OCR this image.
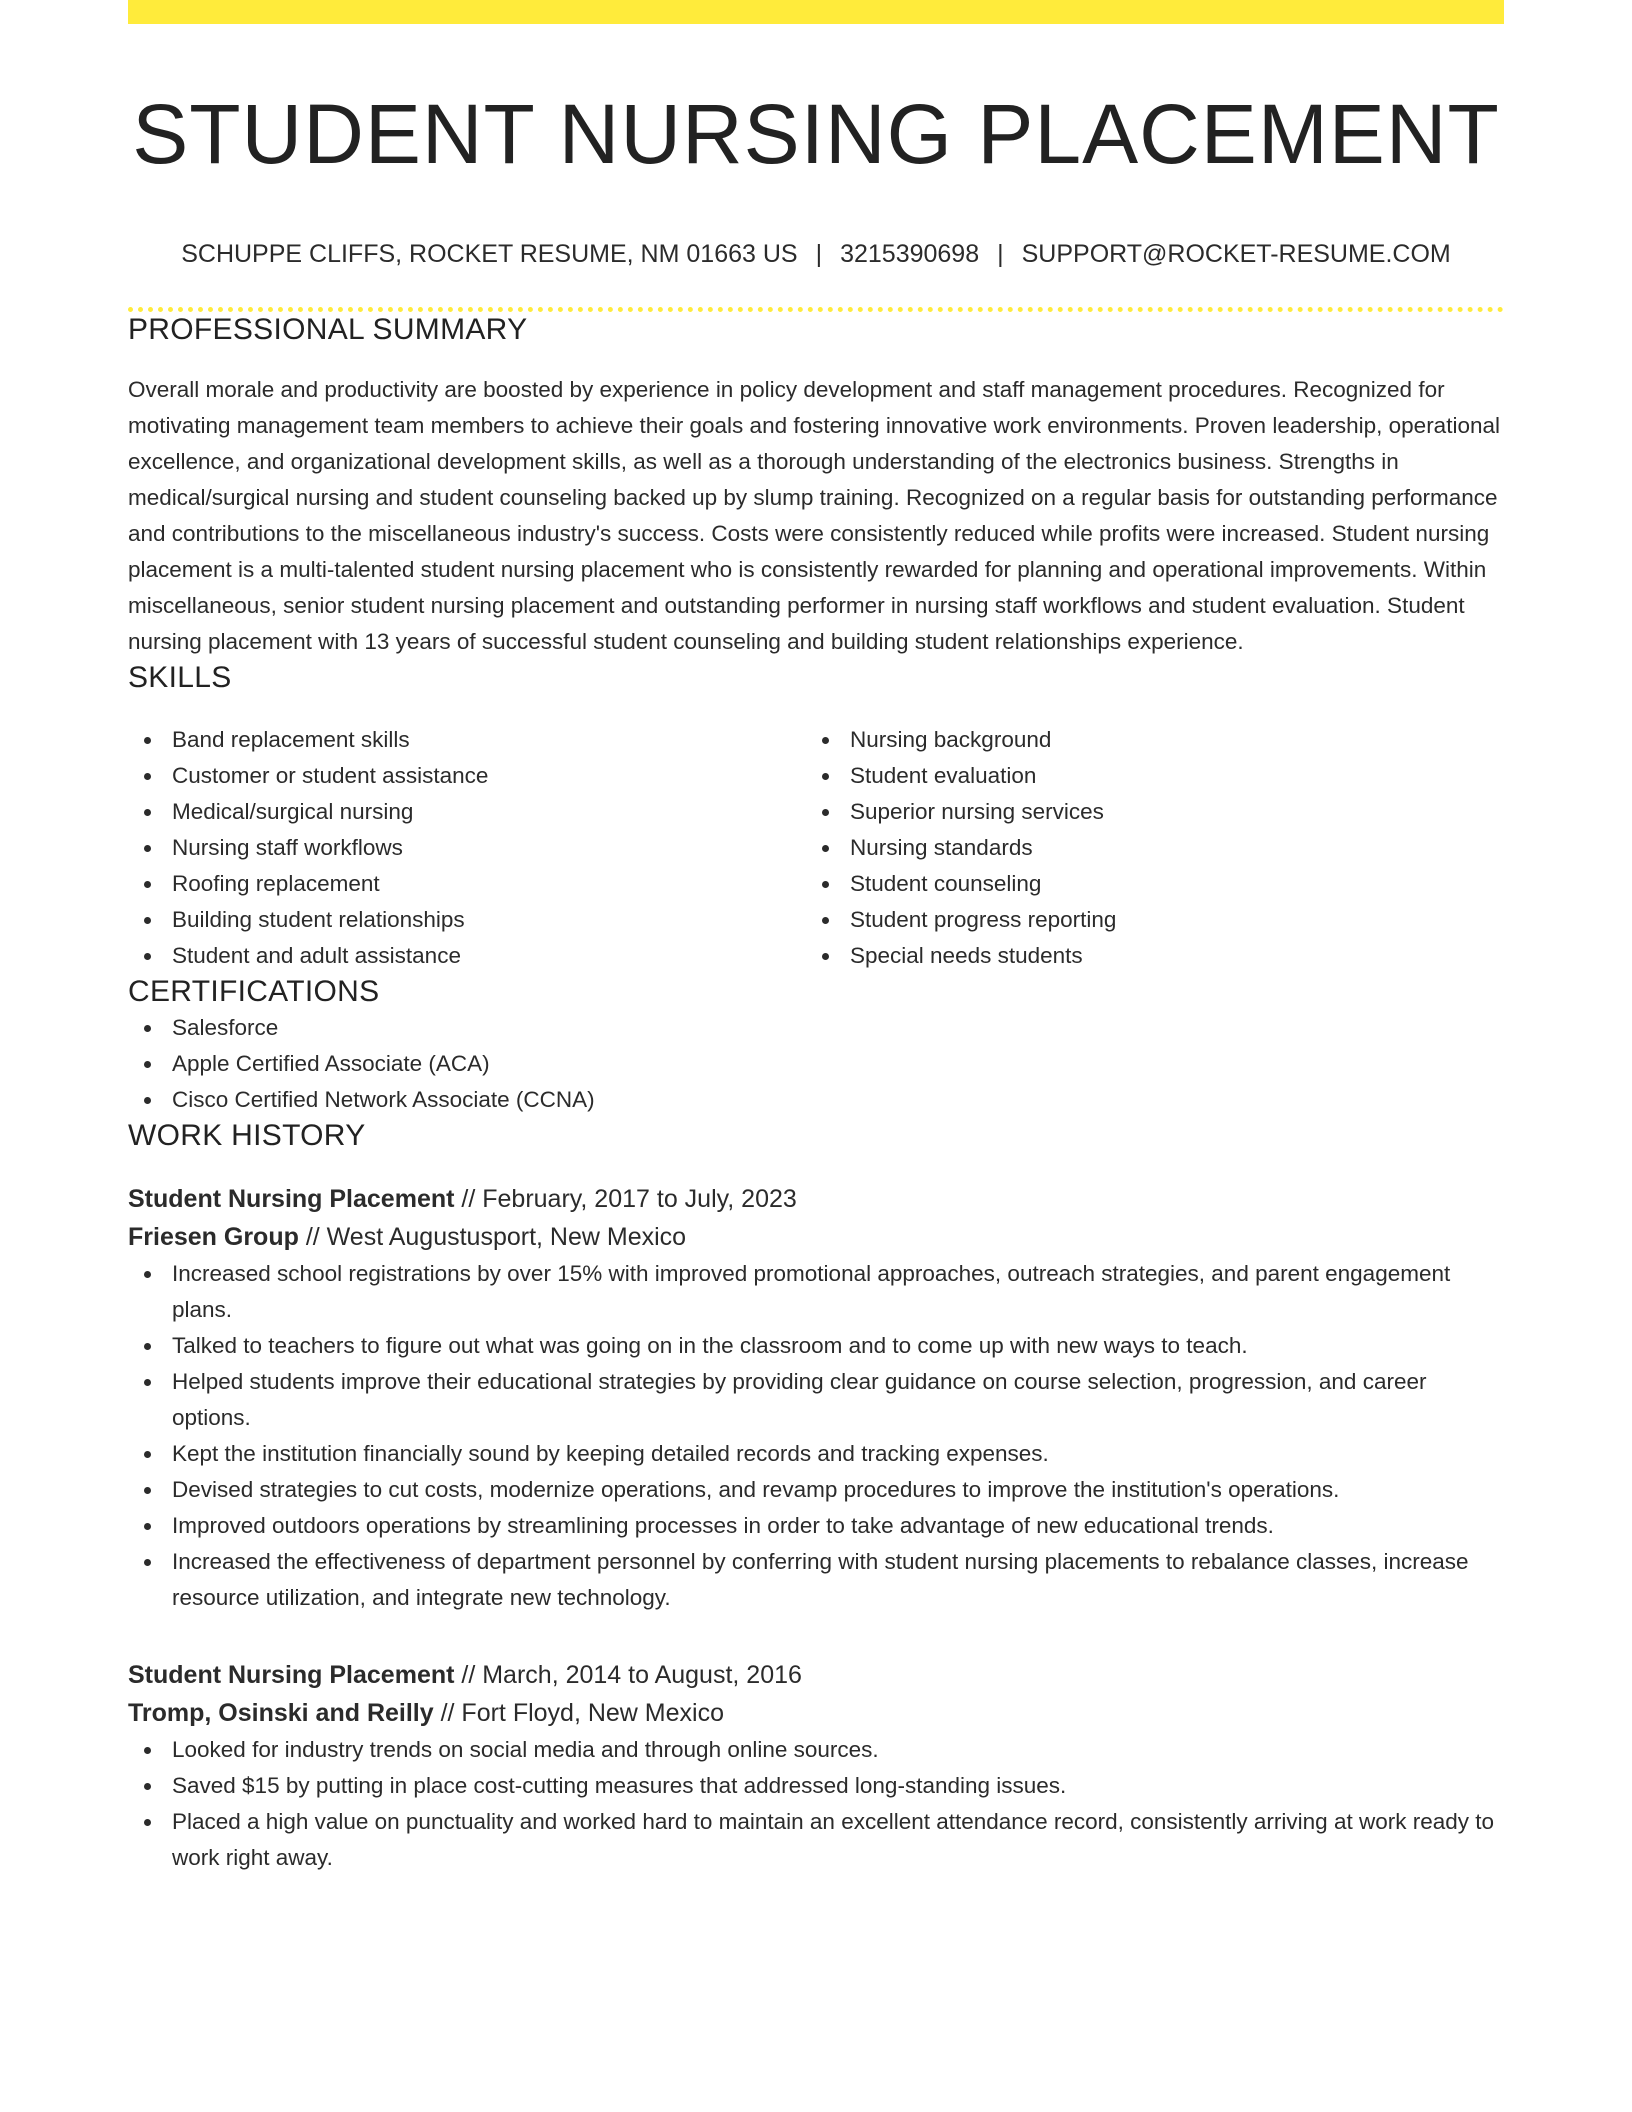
STUDENT NURSING PLACEMENT
SCHUPPE CLIFFS, ROCKET RESUME, NM 01663 US | 3215390698 | SUPPORT@ROCKET-RESUME.COM
PROFESSIONAL SUMMARY

Overall morale and productivity are boosted by experience in policy development and staff management procedures. Recognized for motivating management team members to achieve their goals and fostering innovative work environments. Proven leadership, operational excellence, and organizational development skills, as well as a thorough understanding of the electronics business. Strengths in medical/surgical nursing and student counseling backed up by slump training. Recognized on a regular basis for outstanding performance and contributions to the miscellaneous industry's success. Costs were consistently reduced while profits were increased. Student nursing placement is a multi-talented student nursing placement who is consistently rewarded for planning and operational improvements. Within miscellaneous, senior student nursing placement and outstanding performer in nursing staff workflows and student evaluation. Student nursing placement with 13 years of successful student counseling and building student relationships experience.

SKILLS
Band replacement skills
Customer or student assistance
Medical/surgical nursing
Nursing staff workflows
Roofing replacement
Building student relationships
Student and adult assistance
Nursing background
Student evaluation
Superior nursing services
Nursing standards
Student counseling
Student progress reporting
Special needs students
CERTIFICATIONS
Salesforce
Apple Certified Associate (ACA)
Cisco Certified Network Associate (CCNA)
WORK HISTORY
Student Nursing Placement // February, 2017 to July, 2023
Friesen Group // West Augustusport, New Mexico
Increased school registrations by over 15% with improved promotional approaches, outreach strategies, and parent engagement plans.
Talked to teachers to figure out what was going on in the classroom and to come up with new ways to teach.
Helped students improve their educational strategies by providing clear guidance on course selection, progression, and career options.
Kept the institution financially sound by keeping detailed records and tracking expenses.
Devised strategies to cut costs, modernize operations, and revamp procedures to improve the institution's operations.
Improved outdoors operations by streamlining processes in order to take advantage of new educational trends.
Increased the effectiveness of department personnel by conferring with student nursing placements to rebalance classes, increase resource utilization, and integrate new technology.
Student Nursing Placement // March, 2014 to August, 2016
Tromp, Osinski and Reilly // Fort Floyd, New Mexico
Looked for industry trends on social media and through online sources.
Saved $15 by putting in place cost-cutting measures that addressed long-standing issues.
Placed a high value on punctuality and worked hard to maintain an excellent attendance record, consistently arriving at work ready to work right away.
